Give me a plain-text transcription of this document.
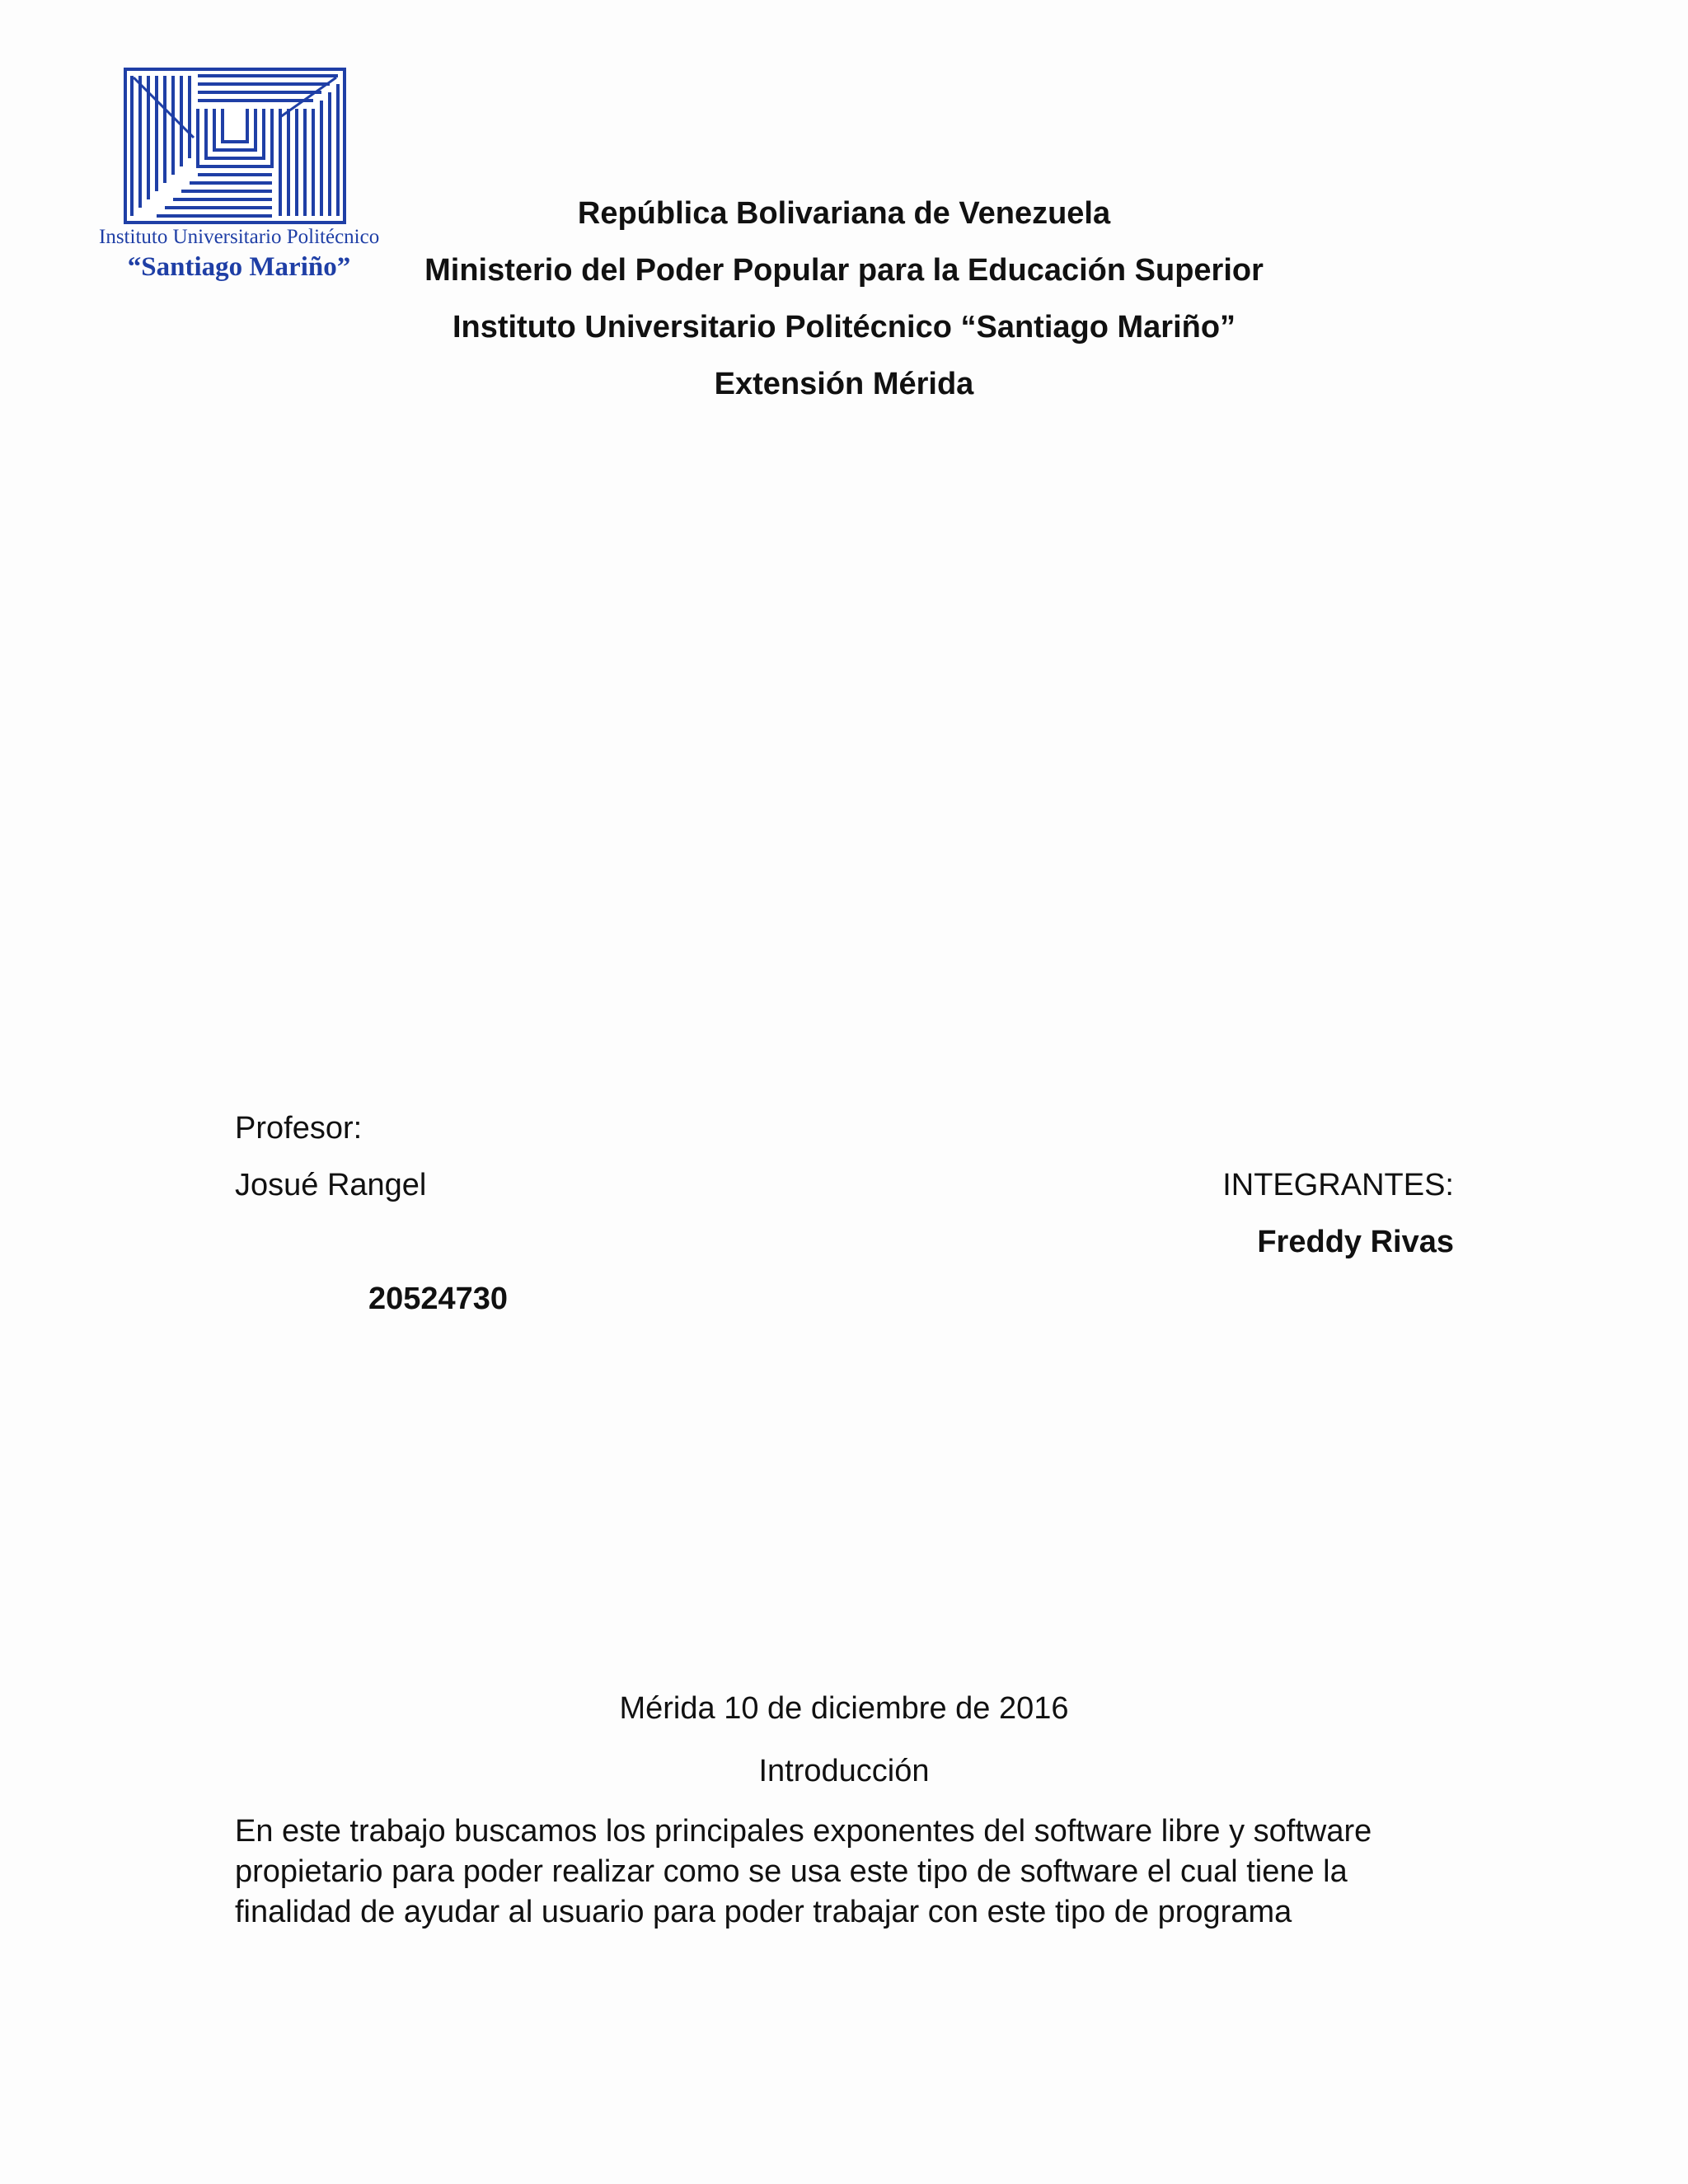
Instituto Universitario Politécnico
“Santiago Mariño”
República Bolivariana de Venezuela
Ministerio del Poder Popular para la Educación Superior
Instituto Universitario Politécnico “Santiago Mariño”
Extensión Mérida
Profesor:
Josué Rangel
20524730
INTEGRANTES:
Freddy Rivas
Mérida 10 de diciembre de 2016
Introducción
En este trabajo buscamos los principales exponentes del software libre y software
propietario para poder realizar como se usa este tipo de software el cual tiene la
finalidad de ayudar al usuario para poder trabajar con este tipo de programa
